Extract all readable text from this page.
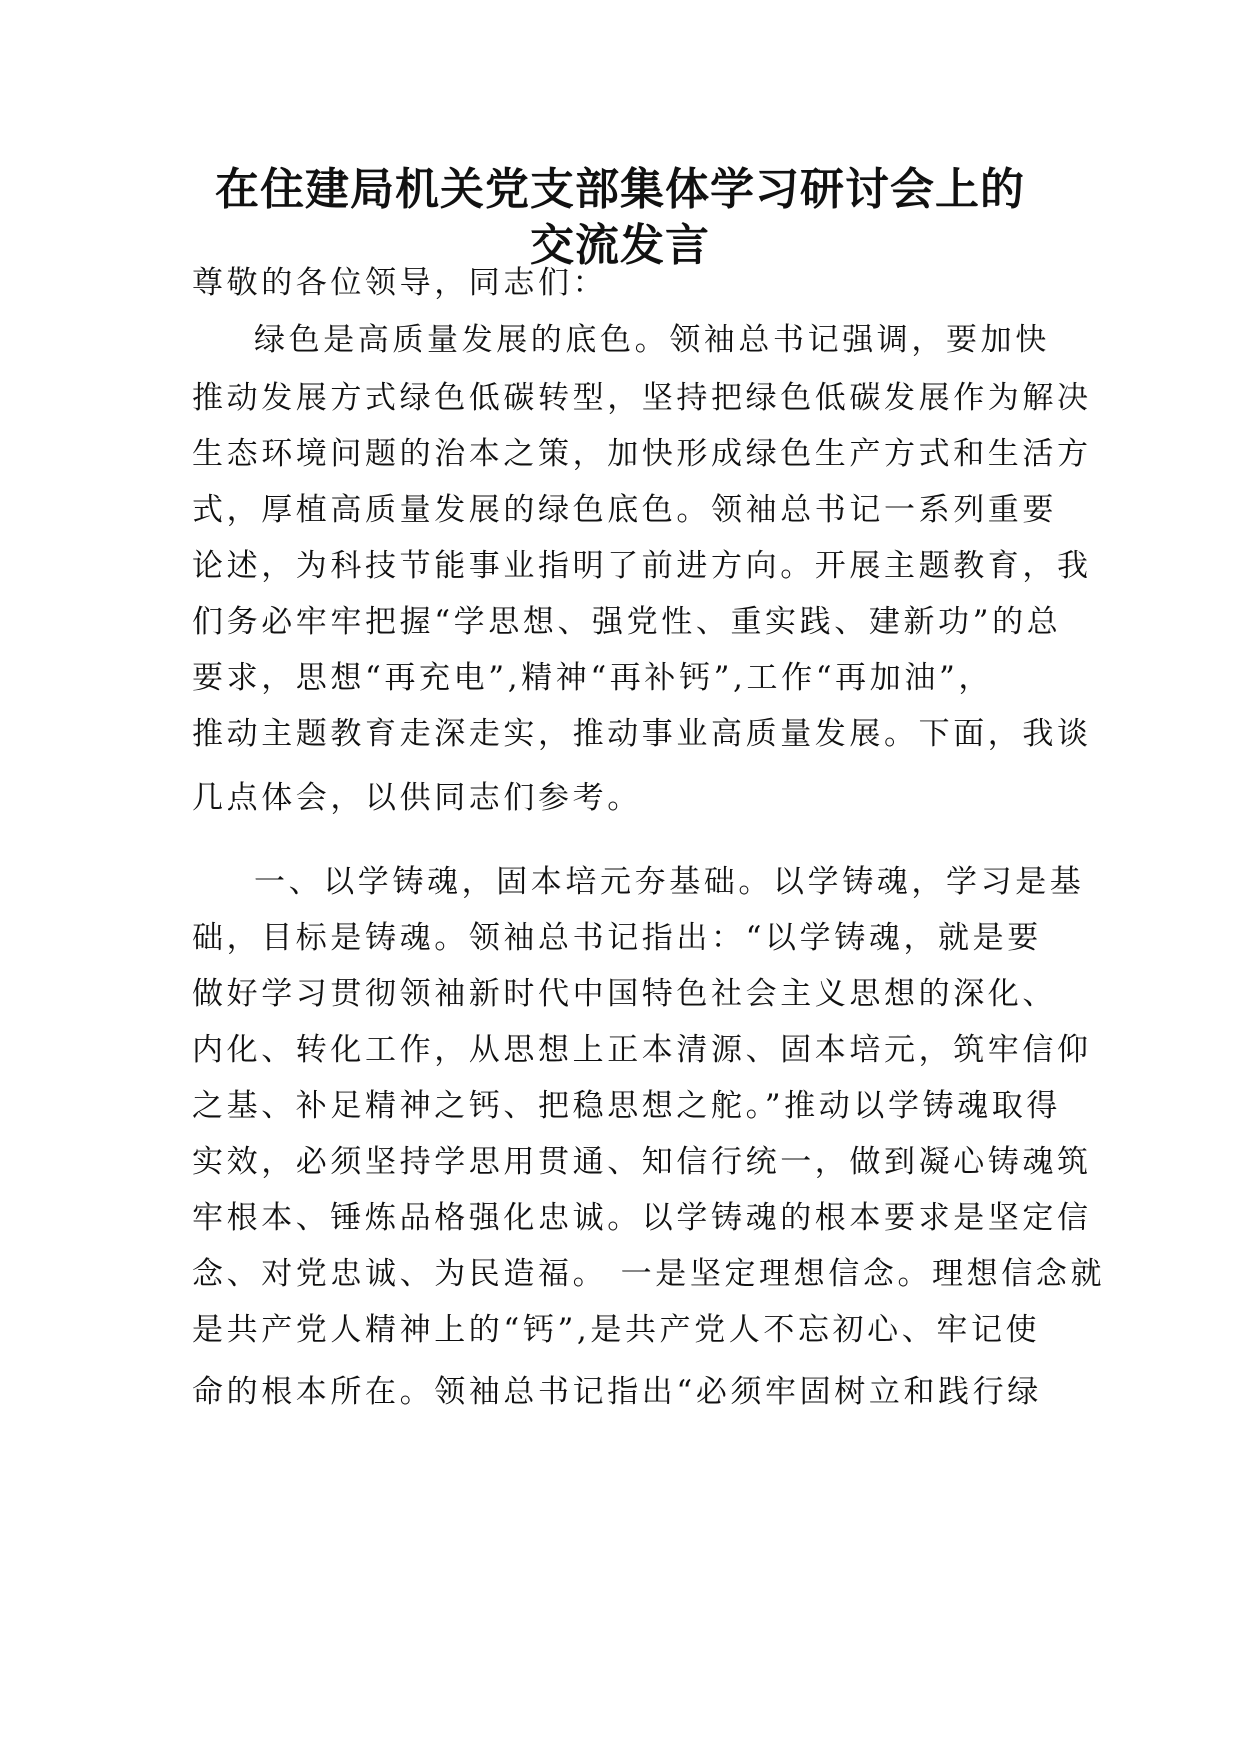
在住建局机关党支部集体学习研讨会上的
交流发言
尊敬的各位领导，同志们：
绿色是高质量发展的底色。领袖总书记强调，要加快
推动发展方式绿色低碳转型，坚持把绿色低碳发展作为解决
生态环境问题的治本之策，加快形成绿色生产方式和生活方
式，厚植高质量发展的绿色底色。领袖总书记一系列重要
论述，为科技节能事业指明了前进方向。开展主题教育，我
们务必牢牢把握“学思想、强党性、重实践、建新功”的总
要求，思想“再充电”,精神“再补钙”,工作“再加油”，
推动主题教育走深走实，推动事业高质量发展。下面，我谈
几点体会，以供同志们参考。
一、以学铸魂，固本培元夯基础。以学铸魂，学习是基
础，目标是铸魂。领袖总书记指出：“以学铸魂，就是要
做好学习贯彻领袖新时代中国特色社会主义思想的深化、
内化、转化工作，从思想上正本清源、固本培元，筑牢信仰
之基、补足精神之钙、把稳思想之舵。”推动以学铸魂取得
实效，必须坚持学思用贯通、知信行统一，做到凝心铸魂筑
牢根本、锤炼品格强化忠诚。以学铸魂的根本要求是坚定信
念、对党忠诚、为民造福。 一是坚定理想信念。理想信念就
是共产党人精神上的“钙”,是共产党人不忘初心、牢记使
命的根本所在。领袖总书记指出“必须牢固树立和践行绿
